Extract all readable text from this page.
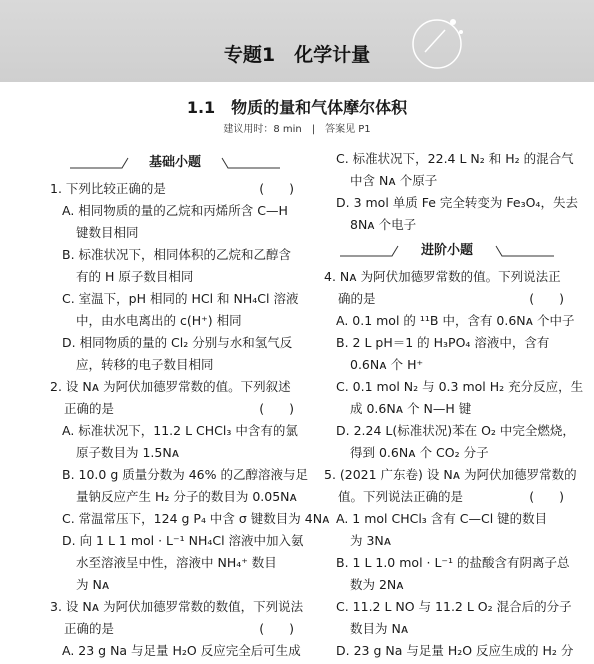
专题1　化学计量
1.1　物质的量和气体摩尔体积
建议用时：8 min　|　答案见 P1
基础小题
(　　)
1. 下列比较正确的是
A. 相同物质的量的乙烷和丙烯所含 C—H
键数目相同
B. 标准状况下，相同体积的乙烷和乙醇含
有的 H 原子数目相同
C. 室温下，pH 相同的 HCl 和 NH₄Cl 溶液
中，由水电离出的 c(H⁺) 相同
D. 相同物质的量的 Cl₂ 分别与水和氢气反
应，转移的电子数目相同
2. 设 Nᴀ 为阿伏加德罗常数的值。下列叙述
(　　)
正确的是
A. 标准状况下，11.2 L CHCl₃ 中含有的氯
原子数目为 1.5Nᴀ
B. 10.0 g 质量分数为 46% 的乙醇溶液与足
量钠反应产生 H₂ 分子的数目为 0.05Nᴀ
C. 常温常压下，124 g P₄ 中含 σ 键数目为 4Nᴀ
D. 向 1 L 1 mol · L⁻¹ NH₄Cl 溶液中加入氨
水至溶液呈中性，溶液中 NH₄⁺ 数目
为 Nᴀ
3. 设 Nᴀ 为阿伏加德罗常数的数值，下列说法
(　　)
正确的是
A. 23 g Na 与足量 H₂O 反应完全后可生成
C. 标准状况下，22.4 L N₂ 和 H₂ 的混合气
中含 Nᴀ 个原子
D. 3 mol 单质 Fe 完全转变为 Fe₃O₄，失去
8Nᴀ 个电子
进阶小题
4. Nᴀ 为阿伏加德罗常数的值。下列说法正
(　　)
确的是
A. 0.1 mol 的 ¹¹B 中，含有 0.6Nᴀ 个中子
B. 2 L pH＝1 的 H₃PO₄ 溶液中，含有
0.6Nᴀ 个 H⁺
C. 0.1 mol N₂ 与 0.3 mol H₂ 充分反应，生
成 0.6Nᴀ 个 N—H 键
D. 2.24 L(标准状况)苯在 O₂ 中完全燃烧，
得到 0.6Nᴀ 个 CO₂ 分子
5. (2021 广东卷) 设 Nᴀ 为阿伏加德罗常数的
(　　)
值。下列说法正确的是
A. 1 mol CHCl₃ 含有 C—Cl 键的数目
为 3Nᴀ
B. 1 L 1.0 mol · L⁻¹ 的盐酸含有阴离子总
数为 2Nᴀ
C. 11.2 L NO 与 11.2 L O₂ 混合后的分子
数目为 Nᴀ
D. 23 g Na 与足量 H₂O 反应生成的 H₂ 分
